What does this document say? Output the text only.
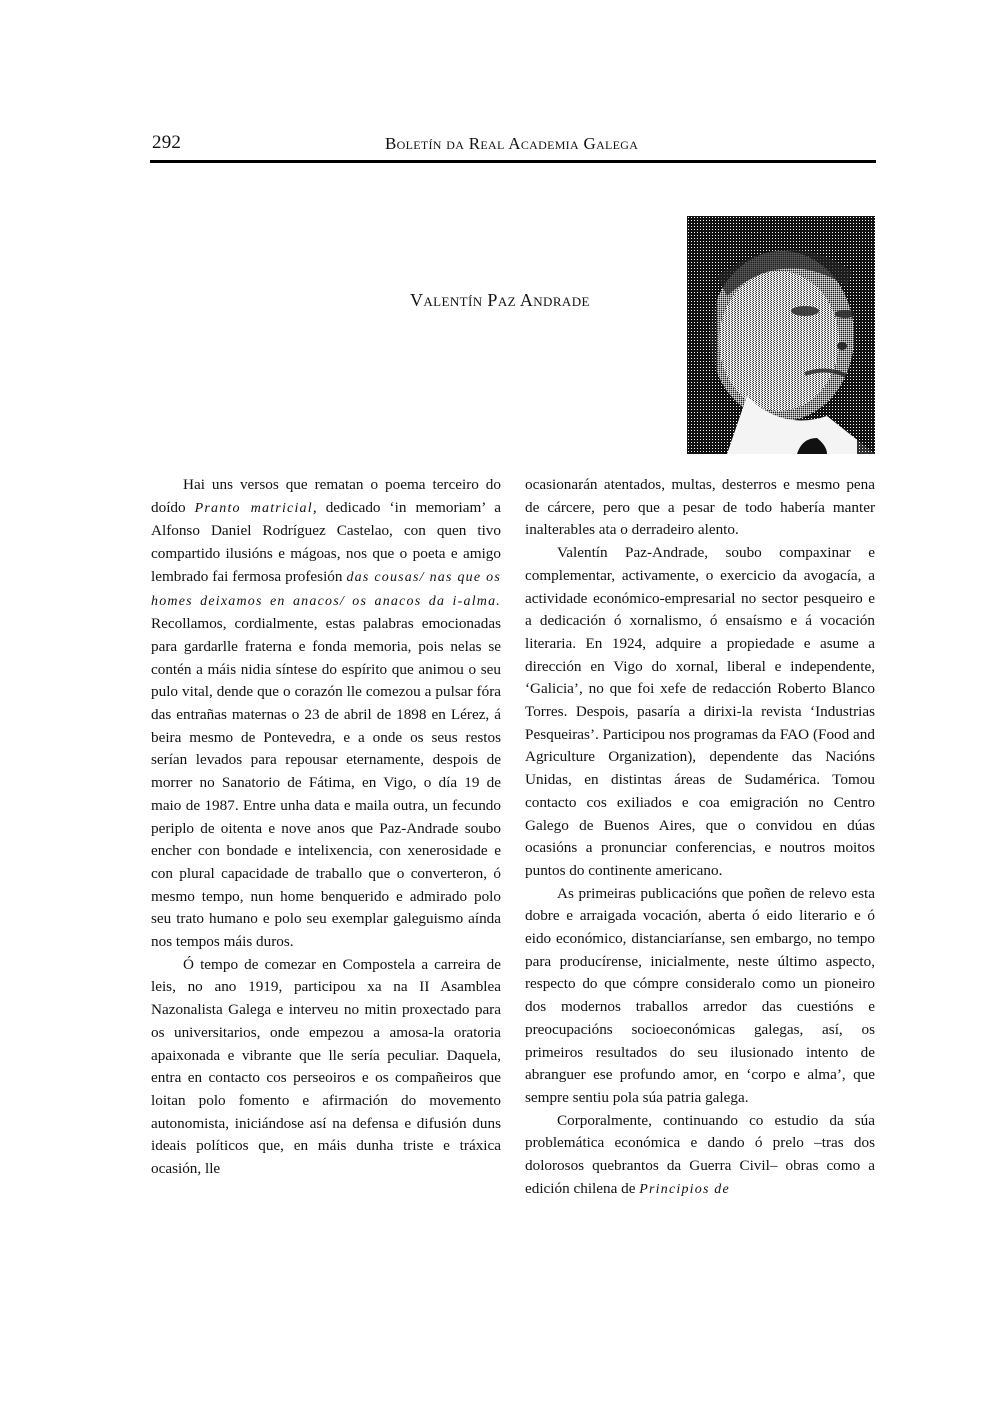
292	Boletín da Real Academia Galega
Valentín Paz Andrade

Hai uns versos que rematan o poema terceiro do doído Pranto matricial, dedicado ‘in memoriam’ a Alfonso Daniel Rodríguez Castelao, con quen tivo compartido ilusións e mágoas, nos que o poeta e amigo lembrado fai fermosa profesión das cousas/ nas que os homes deixamos en anacos/ os anacos da i-alma. Recollamos, cordialmente, estas palabras emocionadas para gardarlle fraterna e fonda memoria, pois nelas se contén a máis nidia síntese do espírito que animou o seu pulo vital, dende que o corazón lle comezou a pulsar fóra das entrañas maternas o 23 de abril de 1898 en Lérez, á beira mesmo de Pontevedra, e a onde os seus restos serían levados para repousar eternamente, despois de morrer no Sanatorio de Fátima, en Vigo, o día 19 de maio de 1987. Entre unha data e maila outra, un fecundo periplo de oitenta e nove anos que Paz-Andrade soubo encher con bondade e intelixencia, con xenerosidade e con plural capacidade de traballo que o converteron, ó mesmo tempo, nun home benquerido e admirado polo seu trato humano e polo seu exemplar galeguismo aínda nos tempos máis duros.

Ó tempo de comezar en Compostela a carreira de leis, no ano 1919, participou xa na II Asamblea Nazonalista Galega e interveu no mitin proxectado para os universitarios, onde empezou a amosa-la oratoria apaixonada e vibrante que lle sería peculiar. Daquela, entra en contacto cos perseoiros e os compañeiros que loitan polo fomento e afirmación do movemento autonomista, iniciándose así na defensa e difusión duns ideais políticos que, en máis dunha triste e tráxica ocasión, lle

ocasionarán atentados, multas, desterros e mesmo pena de cárcere, pero que a pesar de todo habería manter inalterables ata o derradeiro alento.

Valentín Paz-Andrade, soubo compaxinar e complementar, activamente, o exercicio da avogacía, a actividade económico-empresarial no sector pesqueiro e a dedicación ó xornalismo, ó ensaísmo e á vocación literaria. En 1924, adquire a propiedade e asume a dirección en Vigo do xornal, liberal e independente, ‘Galicia’, no que foi xefe de redacción Roberto Blanco Torres. Despois, pasaría a dirixi-la revista ‘Industrias Pesqueiras’. Participou nos programas da FAO (Food and Agriculture Organization), dependente das Nacións Unidas, en distintas áreas de Sudamérica. Tomou contacto cos exiliados e coa emigración no Centro Galego de Buenos Aires, que o convidou en dúas ocasións a pronunciar conferencias, e noutros moitos puntos do continente americano.

As primeiras publicacións que poñen de relevo esta dobre e arraigada vocación, aberta ó eido literario e ó eido económico, distanciaríanse, sen embargo, no tempo para producírense, inicialmente, neste último aspecto, respecto do que cómpre consideralo como un pioneiro dos modernos traballos arredor das cuestións e preocupacións socioeconómicas galegas, así, os primeiros resultados do seu ilusionado intento de abranguer ese profundo amor, en ‘corpo e alma’, que sempre sentiu pola súa patria galega.

Corporalmente, continuando co estudio da súa problemática económica e dando ó prelo –tras dos dolorosos quebrantos da Guerra Civil– obras como a edición chilena de Principios de
